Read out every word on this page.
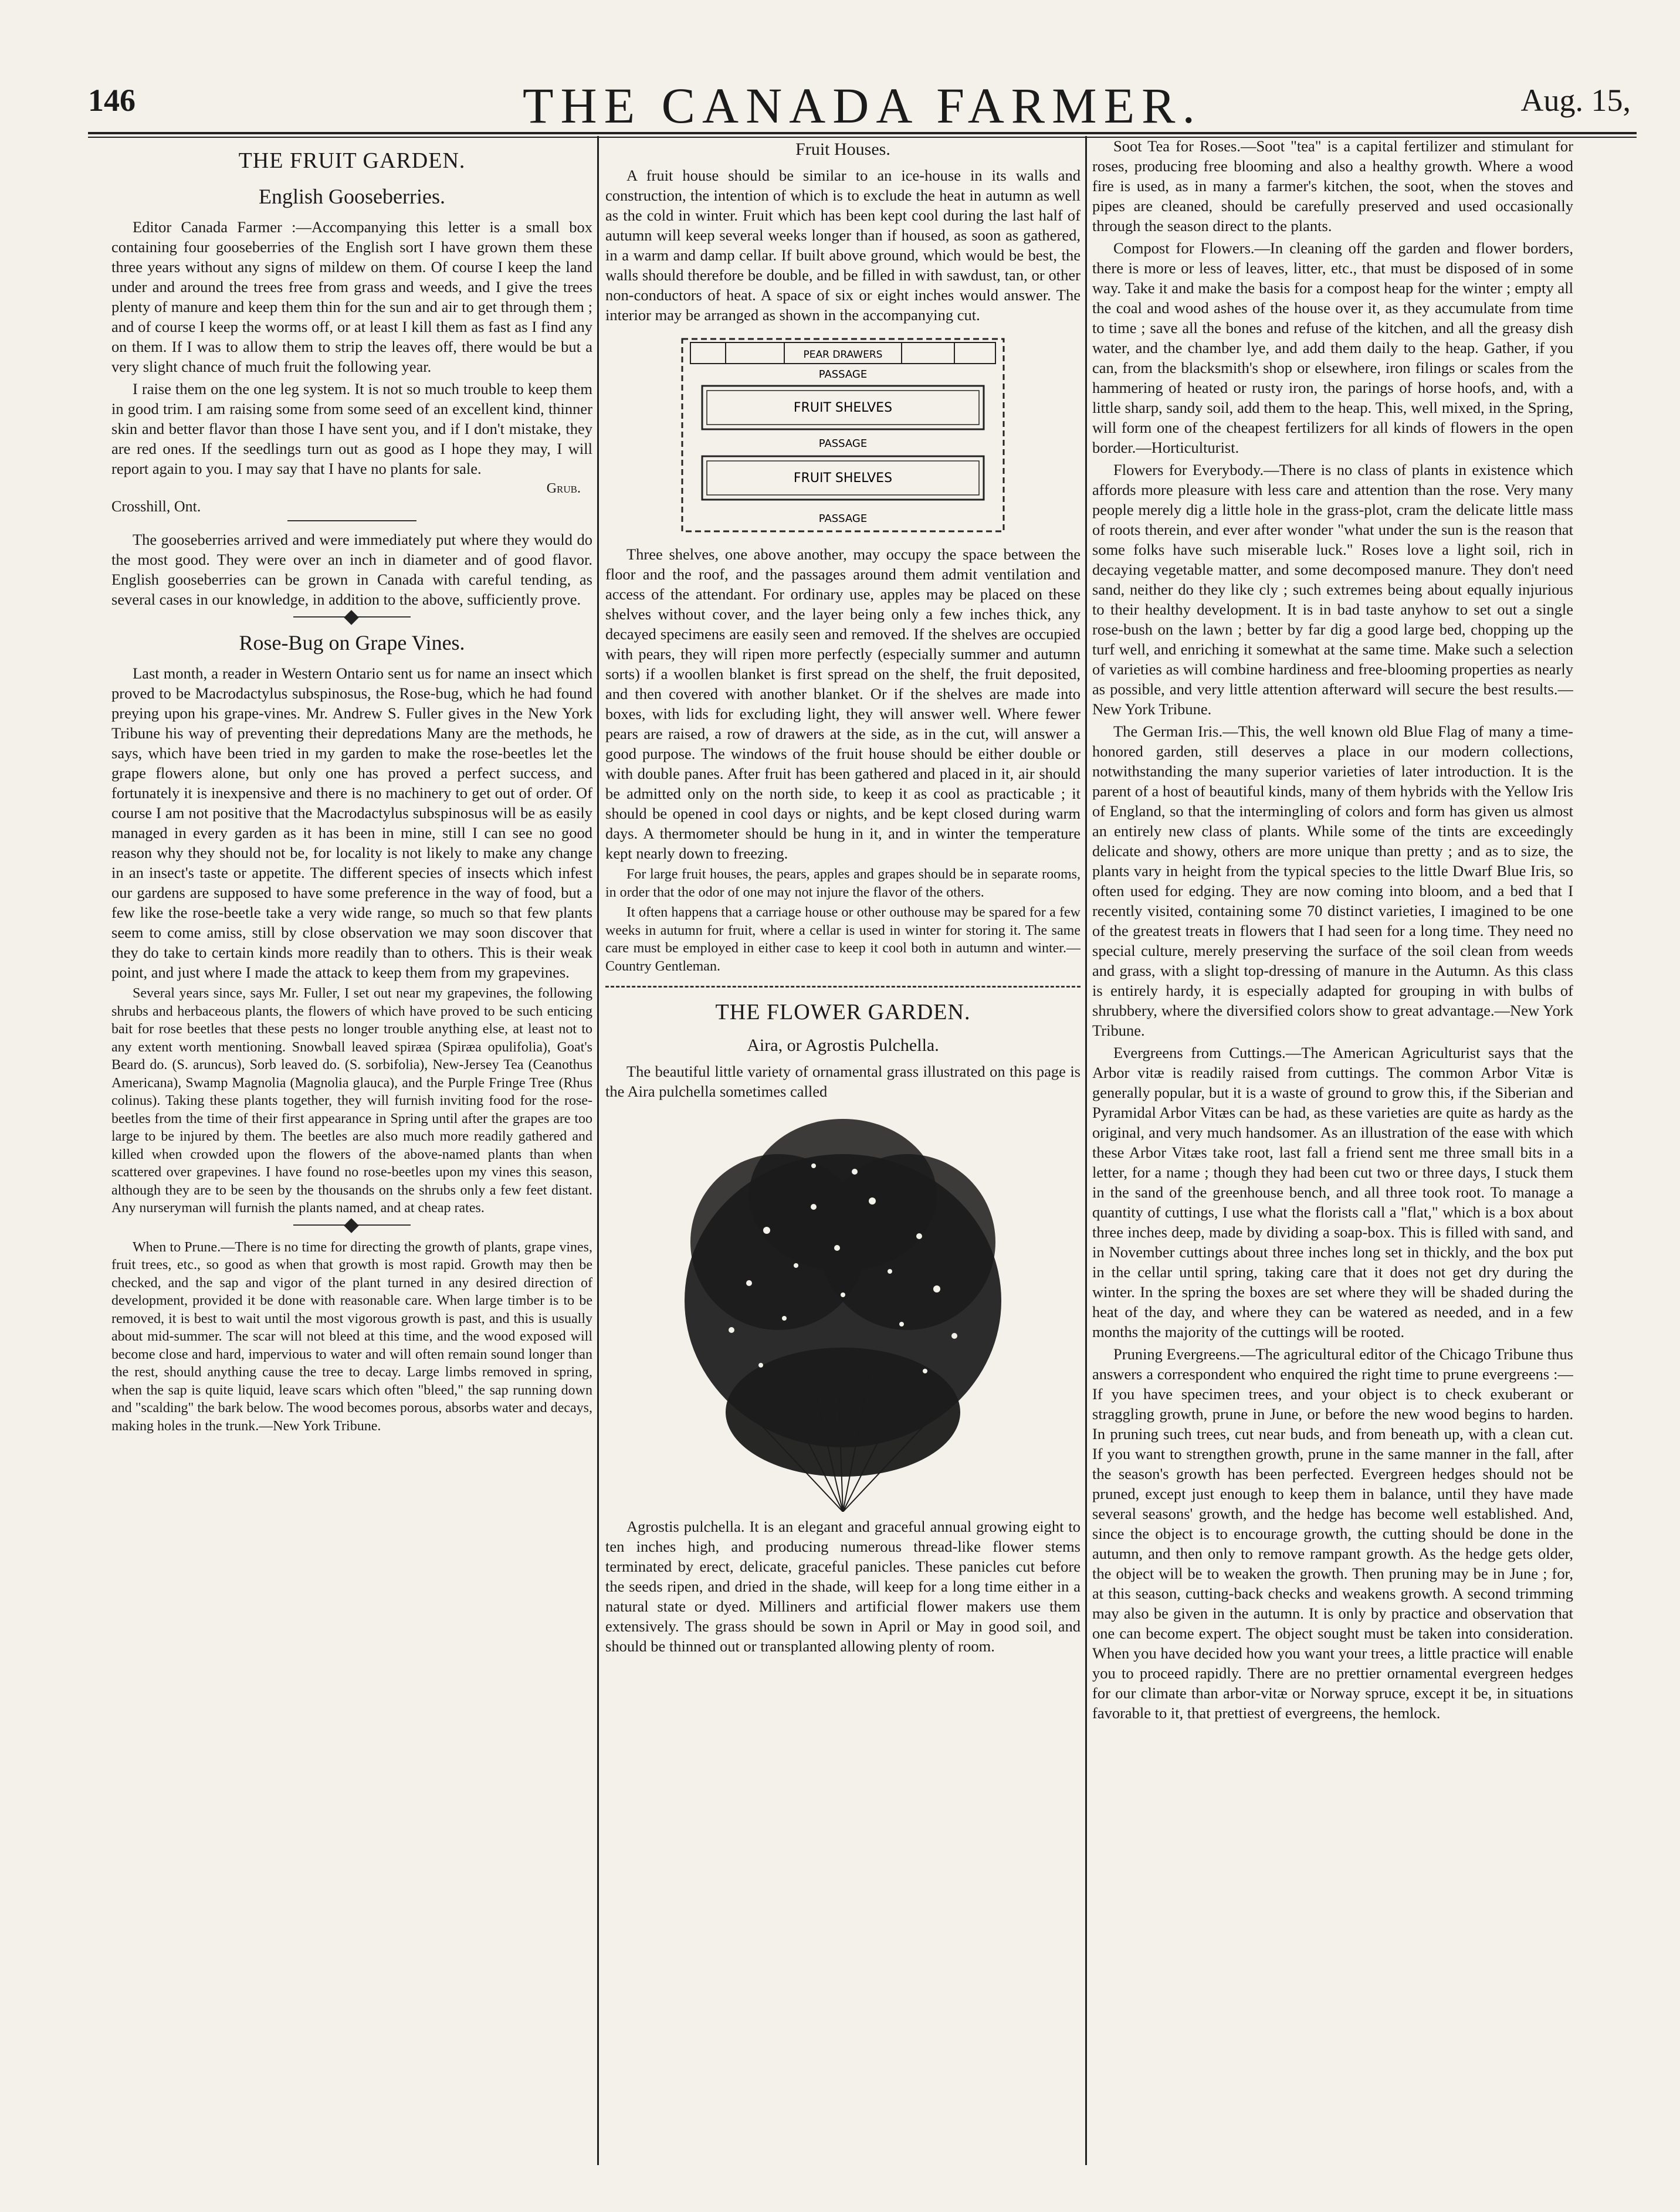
146	THE CANADA FARMER.	Aug. 15,
THE FRUIT GARDEN.
English Gooseberries.

Editor Canada Farmer :—Accompanying this letter is a small box containing four gooseberries of the English sort I have grown them these three years without any signs of mildew on them. Of course I keep the land under and around the trees free from grass and weeds, and I give the trees plenty of manure and keep them thin for the sun and air to get through them ; and of course I keep the worms off, or at least I kill them as fast as I find any on them. If I was to allow them to strip the leaves off, there would be but a very slight chance of much fruit the following year.

I raise them on the one leg system. It is not so much trouble to keep them in good trim. I am raising some from some seed of an excellent kind, thinner skin and better flavor than those I have sent you, and if I don't mistake, they are red ones. If the seedlings turn out as good as I hope they may, I will report again to you. I may say that I have no plants for sale.

Grub.
Crosshill, Ont.

The gooseberries arrived and were immediately put where they would do the most good. They were over an inch in diameter and of good flavor. English gooseberries can be grown in Canada with careful tending, as several cases in our knowledge, in addition to the above, sufficiently prove.

Rose-Bug on Grape Vines.

Last month, a reader in Western Ontario sent us for name an insect which proved to be Macrodactylus subspinosus, the Rose-bug, which he had found preying upon his grape-vines. Mr. Andrew S. Fuller gives in the New York Tribune his way of preventing their depredations Many are the methods, he says, which have been tried in my garden to make the rose-beetles let the grape flowers alone, but only one has proved a perfect success, and fortunately it is inexpensive and there is no machinery to get out of order. Of course I am not positive that the Macrodactylus subspinosus will be as easily managed in every garden as it has been in mine, still I can see no good reason why they should not be, for locality is not likely to make any change in an insect's taste or appetite. The different species of insects which infest our gardens are supposed to have some preference in the way of food, but a few like the rose-beetle take a very wide range, so much so that few plants seem to come amiss, still by close observation we may soon discover that they do take to certain kinds more readily than to others. This is their weak point, and just where I made the attack to keep them from my grapevines.

Several years since, says Mr. Fuller, I set out near my grapevines, the following shrubs and herbaceous plants, the flowers of which have proved to be such enticing bait for rose beetles that these pests no longer trouble anything else, at least not to any extent worth mentioning. Snowball leaved spiræa (Spiræa opulifolia), Goat's Beard do. (S. aruncus), Sorb leaved do. (S. sorbifolia), New-Jersey Tea (Ceanothus Americana), Swamp Magnolia (Magnolia glauca), and the Purple Fringe Tree (Rhus colinus). Taking these plants together, they will furnish inviting food for the rose-beetles from the time of their first appearance in Spring until after the grapes are too large to be injured by them. The beetles are also much more readily gathered and killed when crowded upon the flowers of the above-named plants than when scattered over grapevines. I have found no rose-beetles upon my vines this season, although they are to be seen by the thousands on the shrubs only a few feet distant. Any nurseryman will furnish the plants named, and at cheap rates.

When to Prune.—There is no time for directing the growth of plants, grape vines, fruit trees, etc., so good as when that growth is most rapid. Growth may then be checked, and the sap and vigor of the plant turned in any desired direction of development, provided it be done with reasonable care. When large timber is to be removed, it is best to wait until the most vigorous growth is past, and this is usually about mid-summer. The scar will not bleed at this time, and the wood exposed will become close and hard, impervious to water and will often remain sound longer than the rest, should anything cause the tree to decay. Large limbs removed in spring, when the sap is quite liquid, leave scars which often "bleed," the sap running down and "scalding" the bark below. The wood becomes porous, absorbs water and decays, making holes in the trunk.—New York Tribune.

Fruit Houses.

A fruit house should be similar to an ice-house in its walls and construction, the intention of which is to exclude the heat in autumn as well as the cold in winter. Fruit which has been kept cool during the last half of autumn will keep several weeks longer than if housed, as soon as gathered, in a warm and damp cellar. If built above ground, which would be best, the walls should therefore be double, and be filled in with sawdust, tan, or other non-conductors of heat. A space of six or eight inches would answer. The interior may be arranged as shown in the accompanying cut.

PEAR DRAWERS
PASSAGE
FRUIT SHELVES
PASSAGE
FRUIT SHELVES
PASSAGE

Three shelves, one above another, may occupy the space between the floor and the roof, and the passages around them admit ventilation and access of the attendant. For ordinary use, apples may be placed on these shelves without cover, and the layer being only a few inches thick, any decayed specimens are easily seen and removed. If the shelves are occupied with pears, they will ripen more perfectly (especially summer and autumn sorts) if a woollen blanket is first spread on the shelf, the fruit deposited, and then covered with another blanket. Or if the shelves are made into boxes, with lids for excluding light, they will answer well. Where fewer pears are raised, a row of drawers at the side, as in the cut, will answer a good purpose. The windows of the fruit house should be either double or with double panes. After fruit has been gathered and placed in it, air should be admitted only on the north side, to keep it as cool as practicable ; it should be opened in cool days or nights, and be kept closed during warm days. A thermometer should be hung in it, and in winter the temperature kept nearly down to freezing.

For large fruit houses, the pears, apples and grapes should be in separate rooms, in order that the odor of one may not injure the flavor of the others.

It often happens that a carriage house or other outhouse may be spared for a few weeks in autumn for fruit, where a cellar is used in winter for storing it. The same care must be employed in either case to keep it cool both in autumn and winter.—Country Gentleman.

THE FLOWER GARDEN.
Aira, or Agrostis Pulchella.

The beautiful little variety of ornamental grass illustrated on this page is the Aira pulchella sometimes called

Agrostis pulchella. It is an elegant and graceful annual growing eight to ten inches high, and producing numerous thread-like flower stems terminated by erect, delicate, graceful panicles. These panicles cut before the seeds ripen, and dried in the shade, will keep for a long time either in a natural state or dyed. Milliners and artificial flower makers use them extensively. The grass should be sown in April or May in good soil, and should be thinned out or transplanted allowing plenty of room.

Soot Tea for Roses.—Soot "tea" is a capital fertilizer and stimulant for roses, producing free blooming and also a healthy growth. Where a wood fire is used, as in many a farmer's kitchen, the soot, when the stoves and pipes are cleaned, should be carefully preserved and used occasionally through the season direct to the plants.

Compost for Flowers.—In cleaning off the garden and flower borders, there is more or less of leaves, litter, etc., that must be disposed of in some way. Take it and make the basis for a compost heap for the winter ; empty all the coal and wood ashes of the house over it, as they accumulate from time to time ; save all the bones and refuse of the kitchen, and all the greasy dish water, and the chamber lye, and add them daily to the heap. Gather, if you can, from the blacksmith's shop or elsewhere, iron filings or scales from the hammering of heated or rusty iron, the parings of horse hoofs, and, with a little sharp, sandy soil, add them to the heap. This, well mixed, in the Spring, will form one of the cheapest fertilizers for all kinds of flowers in the open border.—Horticulturist.

Flowers for Everybody.—There is no class of plants in existence which affords more pleasure with less care and attention than the rose. Very many people merely dig a little hole in the grass-plot, cram the delicate little mass of roots therein, and ever after wonder "what under the sun is the reason that some folks have such miserable luck." Roses love a light soil, rich in decaying vegetable matter, and some decomposed manure. They don't need sand, neither do they like cly ; such extremes being about equally injurious to their healthy development. It is in bad taste anyhow to set out a single rose-bush on the lawn ; better by far dig a good large bed, chopping up the turf well, and enriching it somewhat at the same time. Make such a selection of varieties as will combine hardiness and free-blooming properties as nearly as possible, and very little attention afterward will secure the best results.—New York Tribune.

The German Iris.—This, the well known old Blue Flag of many a time-honored garden, still deserves a place in our modern collections, notwithstanding the many superior varieties of later introduction. It is the parent of a host of beautiful kinds, many of them hybrids with the Yellow Iris of England, so that the intermingling of colors and form has given us almost an entirely new class of plants. While some of the tints are exceedingly delicate and showy, others are more unique than pretty ; and as to size, the plants vary in height from the typical species to the little Dwarf Blue Iris, so often used for edging. They are now coming into bloom, and a bed that I recently visited, containing some 70 distinct varieties, I imagined to be one of the greatest treats in flowers that I had seen for a long time. They need no special culture, merely preserving the surface of the soil clean from weeds and grass, with a slight top-dressing of manure in the Autumn. As this class is entirely hardy, it is especially adapted for grouping in with bulbs of shrubbery, where the diversified colors show to great advantage.—New York Tribune.

Evergreens from Cuttings.—The American Agriculturist says that the Arbor vitæ is readily raised from cuttings. The common Arbor Vitæ is generally popular, but it is a waste of ground to grow this, if the Siberian and Pyramidal Arbor Vitæs can be had, as these varieties are quite as hardy as the original, and very much handsomer. As an illustration of the ease with which these Arbor Vitæs take root, last fall a friend sent me three small bits in a letter, for a name ; though they had been cut two or three days, I stuck them in the sand of the greenhouse bench, and all three took root. To manage a quantity of cuttings, I use what the florists call a "flat," which is a box about three inches deep, made by dividing a soap-box. This is filled with sand, and in November cuttings about three inches long set in thickly, and the box put in the cellar until spring, taking care that it does not get dry during the winter. In the spring the boxes are set where they will be shaded during the heat of the day, and where they can be watered as needed, and in a few months the majority of the cuttings will be rooted.

Pruning Evergreens.—The agricultural editor of the Chicago Tribune thus answers a correspondent who enquired the right time to prune evergreens :—If you have specimen trees, and your object is to check exuberant or straggling growth, prune in June, or before the new wood begins to harden. In pruning such trees, cut near buds, and from beneath up, with a clean cut. If you want to strengthen growth, prune in the same manner in the fall, after the season's growth has been perfected. Evergreen hedges should not be pruned, except just enough to keep them in balance, until they have made several seasons' growth, and the hedge has become well established. And, since the object is to encourage growth, the cutting should be done in the autumn, and then only to remove rampant growth. As the hedge gets older, the object will be to weaken the growth. Then pruning may be in June ; for, at this season, cutting-back checks and weakens growth. A second trimming may also be given in the autumn. It is only by practice and observation that one can become expert. The object sought must be taken into consideration. When you have decided how you want your trees, a little practice will enable you to proceed rapidly. There are no prettier ornamental evergreen hedges for our climate than arbor-vitæ or Norway spruce, except it be, in situations favorable to it, that prettiest of evergreens, the hemlock.
